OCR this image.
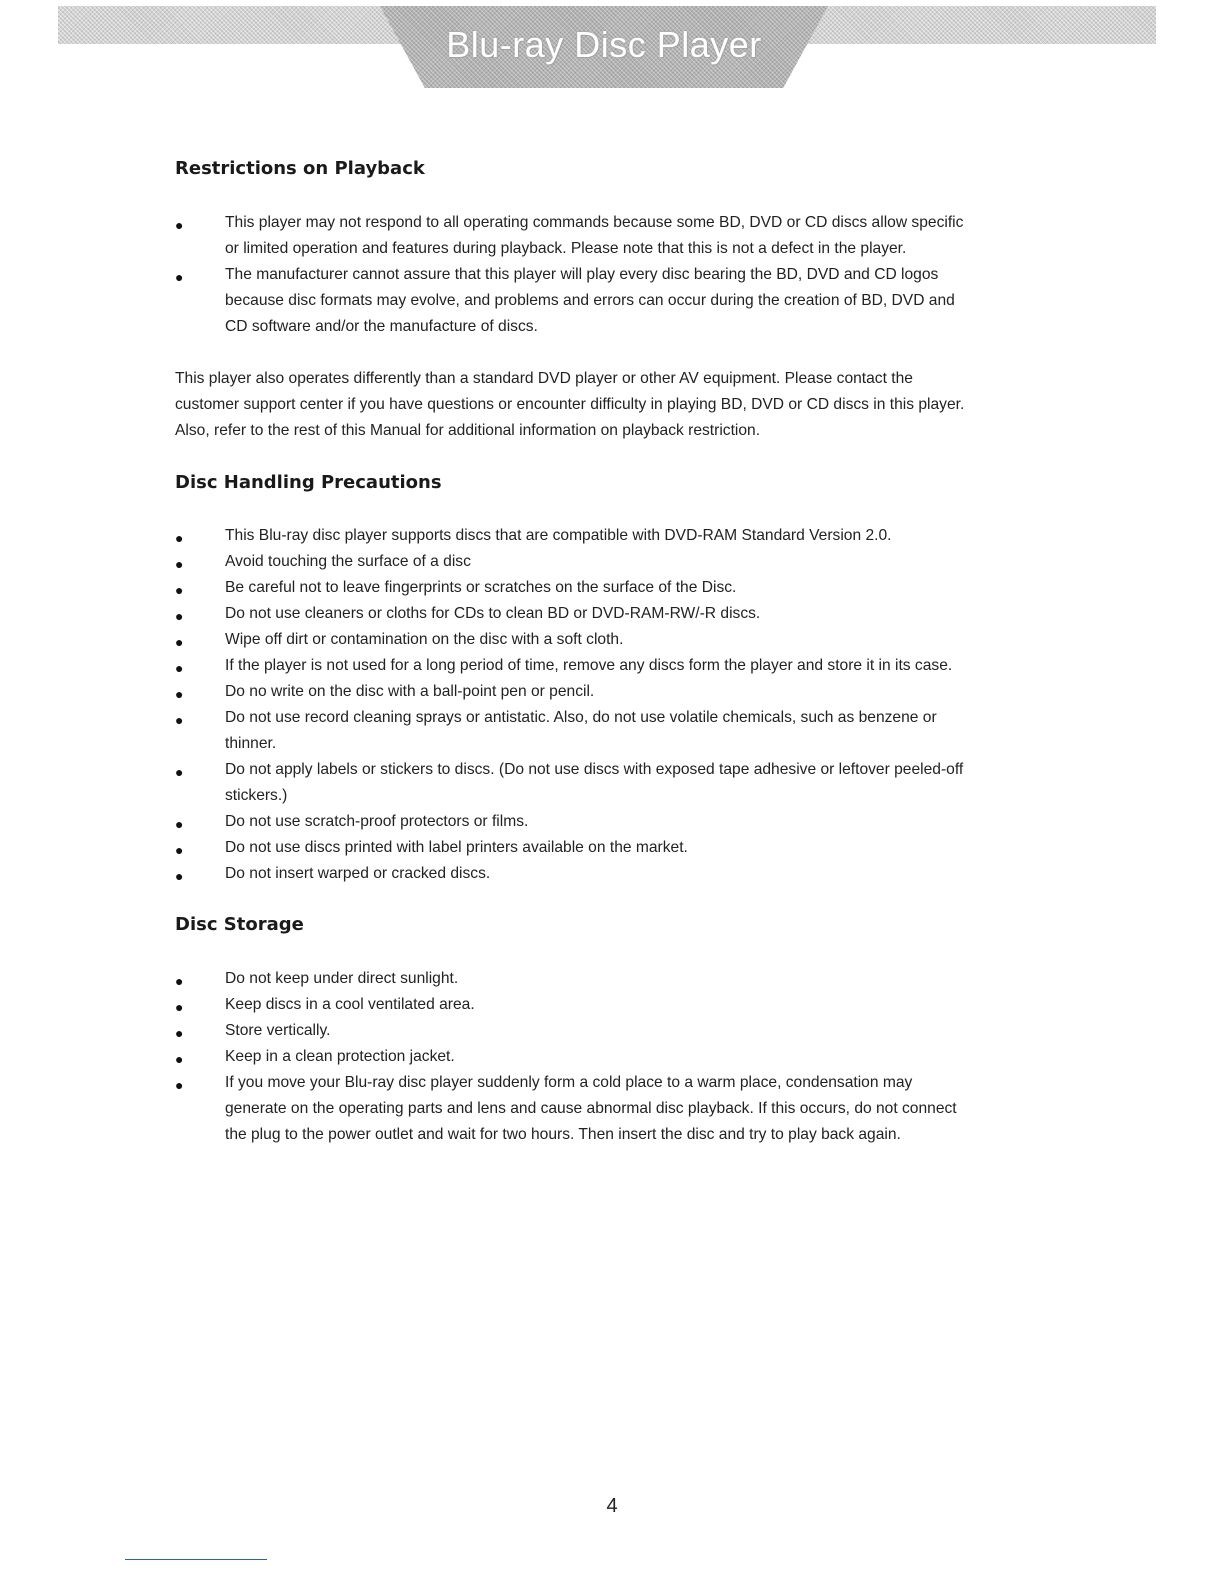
Blu-ray Disc Player
Restrictions on Playback
●	This player may not respond to all operating commands because some BD, DVD or CD discs allow specific or limited operation and features during playback. Please note that this is not a defect in the player.
●	The manufacturer cannot assure that this player will play every disc bearing the BD, DVD and CD logos because disc formats may evolve, and problems and errors can occur during the creation of BD, DVD and CD software and/or the manufacture of discs.

This player also operates differently than a standard DVD player or other AV equipment. Please contact the customer support center if you have questions or encounter difficulty in playing BD, DVD or CD discs in this player. Also, refer to the rest of this Manual for additional information on playback restriction.

Disc Handling Precautions
●	This Blu-ray disc player supports discs that are compatible with DVD-RAM Standard Version 2.0.
●	Avoid touching the surface of a disc
●	Be careful not to leave fingerprints or scratches on the surface of the Disc.
●	Do not use cleaners or cloths for CDs to clean BD or DVD-RAM-RW/-R discs.
●	Wipe off dirt or contamination on the disc with a soft cloth.
●	If the player is not used for a long period of time, remove any discs form the player and store it in its case.
●	Do no write on the disc with a ball-point pen or pencil.
●	Do not use record cleaning sprays or antistatic. Also, do not use volatile chemicals, such as benzene or thinner.
●	Do not apply labels or stickers to discs. (Do not use discs with exposed tape adhesive or leftover peeled-off stickers.)
●	Do not use scratch-proof protectors or films.
●	Do not use discs printed with label printers available on the market.
●	Do not insert warped or cracked discs.
Disc Storage
●	Do not keep under direct sunlight.
●	Keep discs in a cool ventilated area.
●	Store vertically.
●	Keep in a clean protection jacket.
●	If you move your Blu-ray disc player suddenly form a cold place to a warm place, condensation may generate on the operating parts and lens and cause abnormal disc playback. If this occurs, do not connect the plug to the power outlet and wait for two hours. Then insert the disc and try to play back again.
4
